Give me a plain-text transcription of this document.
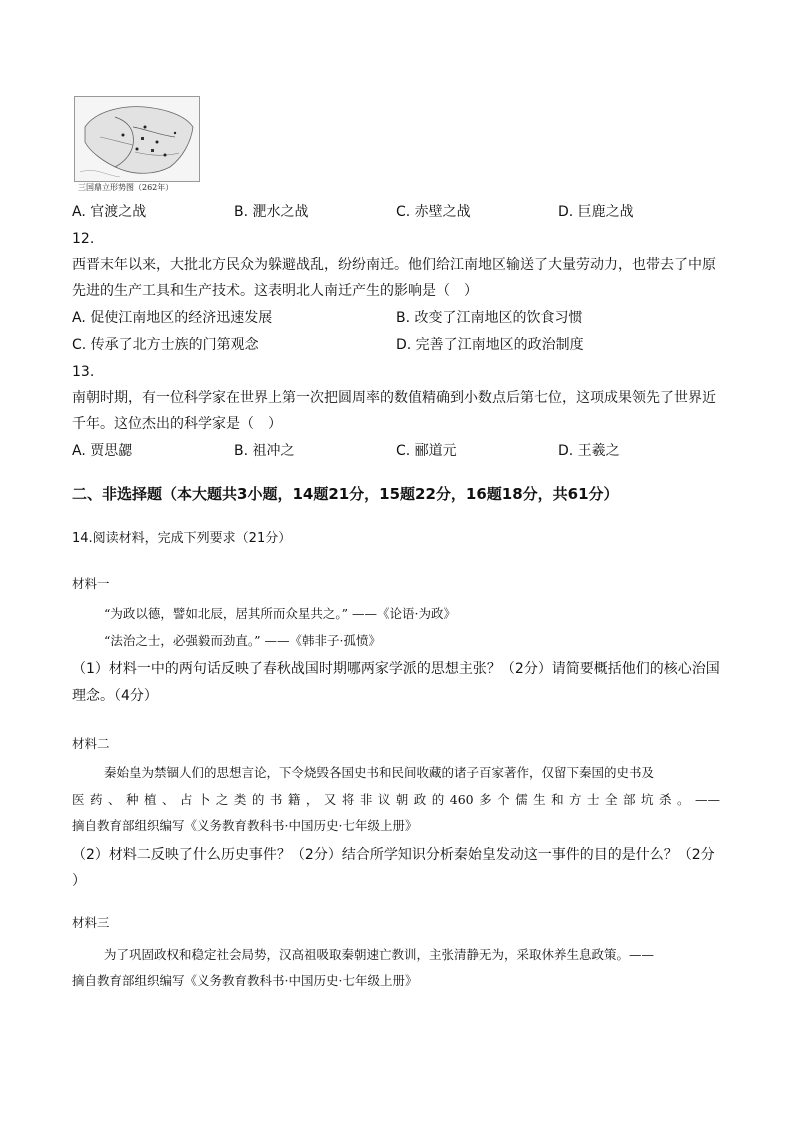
三国鼎立形势图（262年）
A. 官渡之战	B. 淝水之战	C. 赤壁之战	D. 巨鹿之战
12.
西晋末年以来，大批北方民众为躲避战乱，纷纷南迁。他们给江南地区输送了大量劳动力，也带去了中原
先进的生产工具和生产技术。这表明北人南迁产生的影响是（　）
A. 促使江南地区的经济迅速发展	B. 改变了江南地区的饮食习惯
C. 传承了北方士族的门第观念	D. 完善了江南地区的政治制度
13.
南朝时期，有一位科学家在世界上第一次把圆周率的数值精确到小数点后第七位，这项成果领先了世界近
千年。这位杰出的科学家是（　）
A. 贾思勰	B. 祖冲之	C. 郦道元	D. 王羲之
二、非选择题（本大题共3小题，14题21分，15题22分，16题18分，共61分）
14.阅读材料，完成下列要求（21分）
材料一
“为政以德，譬如北辰，居其所而众星共之。” ——《论语·为政》
“法治之士，必强毅而劲直。” ——《韩非子·孤愤》
（1）材料一中的两句话反映了春秋战国时期哪两家学派的思想主张？（2分）请简要概括他们的核心治国
理念。（4分）
材料二
秦始皇为禁锢人们的思想言论，下令烧毁各国史书和民间收藏的诸子百家著作，仅留下秦国的史书及
医药、种植、占卜之类的书籍，又将非议朝政的460多个儒生和方士全部坑杀。——
摘自教育部组织编写《义务教育教科书·中国历史·七年级上册》
（2）材料二反映了什么历史事件？（2分）结合所学知识分析秦始皇发动这一事件的目的是什么？（2分
）
材料三
为了巩固政权和稳定社会局势，汉高祖吸取秦朝速亡教训，主张清静无为，采取休养生息政策。——
摘自教育部组织编写《义务教育教科书·中国历史·七年级上册》
